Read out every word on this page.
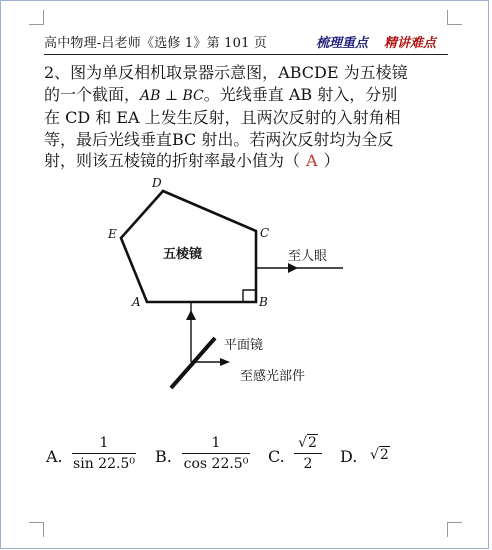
高中物理-吕老师《选修 1》第 101 页	梳理重点 精讲难点
2、图为单反相机取景器示意图，ABCDE 为五棱镜
的一个截面，AB ⊥ BC。光线垂直 AB 射入，分别
在 CD 和 EA 上发生反射，且两次反射的入射角相
等，最后光线垂直BC 射出。若两次反射均为全反
射，则该五棱镜的折射率最小值为（ A ）
D
E	C
A	B
五棱镜	至人眼
平面镜
至感光部件
A.
1
sin 22.5⁰ B.
1
cos 22.5⁰ C.
√2
2	D. √2
